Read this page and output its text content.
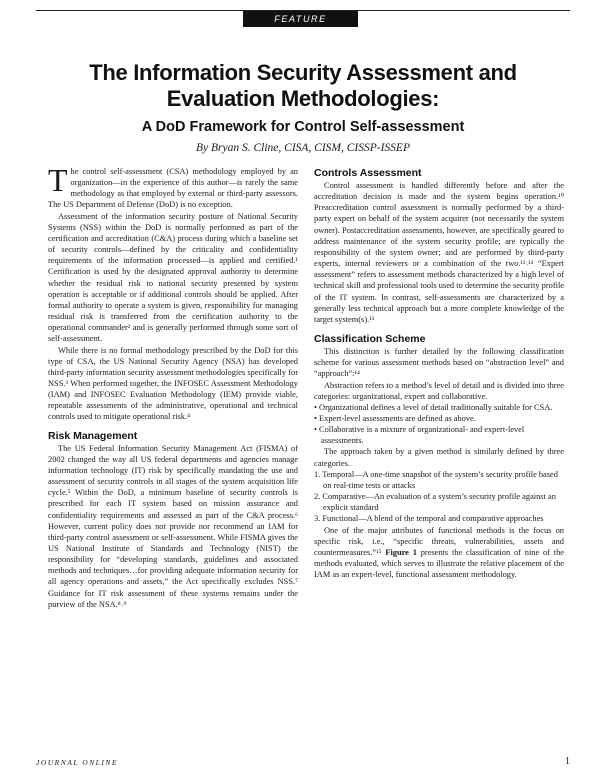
FEATURE
The Information Security Assessment and Evaluation Methodologies:
A DoD Framework for Control Self-assessment
By Bryan S. Cline, CISA, CISM, CISSP-ISSEP

The control self-assessment (CSA) methodology employed by an organization—in the experience of this author—is rarely the same methodology as that employed by external or third-party assessors. The US Department of Defense (DoD) is no exception.

Assessment of the information security posture of National Security Systems (NSS) within the DoD is normally performed as part of the certification and accreditation (C&A) process during which a baseline set of security controls—defined by the criticality and confidentiality requirements of the information processed—is applied and certified.¹ Certification is used by the designated approval authority to determine whether the residual risk to national security presented by system operation is acceptable or if additional controls should be applied. After formal authority to operate a system is given, responsibility for managing residual risk is transferred from the certification authority to the operational commander² and is generally performed through some sort of self-assessment.

While there is no formal methodology prescribed by the DoD for this type of CSA, the US National Security Agency (NSA) has developed third-party information security assessment methodologies specifically for NSS.³ When performed together, the INFOSEC Assessment Methodology (IAM) and INFOSEC Evaluation Methodology (IEM) provide viable, repeatable assessments of the administrative, operational and technical controls used to mitigate operational risk.⁴

Risk Management

The US Federal Information Security Management Act (FISMA) of 2002 changed the way all US federal departments and agencies manage information technology (IT) risk by specifically mandating the use and assessment of security controls in all stages of the system acquisition life cycle.⁵ Within the DoD, a minimum baseline of security controls is prescribed for each IT system based on mission assurance and confidentiality requirements and assessed as part of the C&A process.⁶ However, current policy does not provide nor recommend an IAM for third-party control assessment or self-assessment. While FISMA gives the US National Institute of Standards and Technology (NIST) the responsibility for “developing standards, guidelines and associated methods and techniques…for providing adequate information security for all agency operations and assets,” the Act specifically excludes NSS.⁷ Guidance for IT risk assessment of these systems remains under the purview of the NSA.⁸˒⁹

Controls Assessment

Control assessment is handled differently before and after the accreditation decision is made and the system begins operation.¹⁰ Preaccreditation control assessment is normally performed by a third-party expert on behalf of the system acquirer (not necessarily the system owner). Postaccreditation assessments, however, are specifically geared to address maintenance of the system security profile; are typically the responsibility of the system owner; and are performed by third-party experts, internal reviewers or a combination of the two.¹¹˒¹² “Expert assessment” refers to assessment methods characterized by a high level of technical skill and professional tools used to determine the security profile of the IT system. In contrast, self-assessments are characterized by a generally less technical approach but a more complete knowledge of the target system(s).¹³

Classification Scheme

This distinction is further detailed by the following classification scheme for various assessment methods based on “abstraction level” and “approach”:¹⁴

Abstraction refers to a method’s level of detail and is divided into three categories: organizational, expert and collaborative.

• Organizational defines a level of detail traditionally suitable for CSA.

• Expert-level assessments are defined as above.

• Collaborative is a mixture of organizational- and expert-level assessments.

The approach taken by a given method is similarly defined by three categories.

1. Temporal—A one-time snapshot of the system’s security profile based on real-time tests or attacks

2. Comparative—An evaluation of a system’s security profile against an explicit standard

3. Functional—A blend of the temporal and comparative approaches

One of the major attributes of functional methods is the focus on specific risk, i.e., “specific threats, vulnerabilities, assets and countermeasures.”¹⁵ Figure 1 presents the classification of nine of the methods evaluated, which serves to illustrate the relative placement of the IAM as an expert-level, functional assessment methodology.

JOURNAL ONLINE	1
